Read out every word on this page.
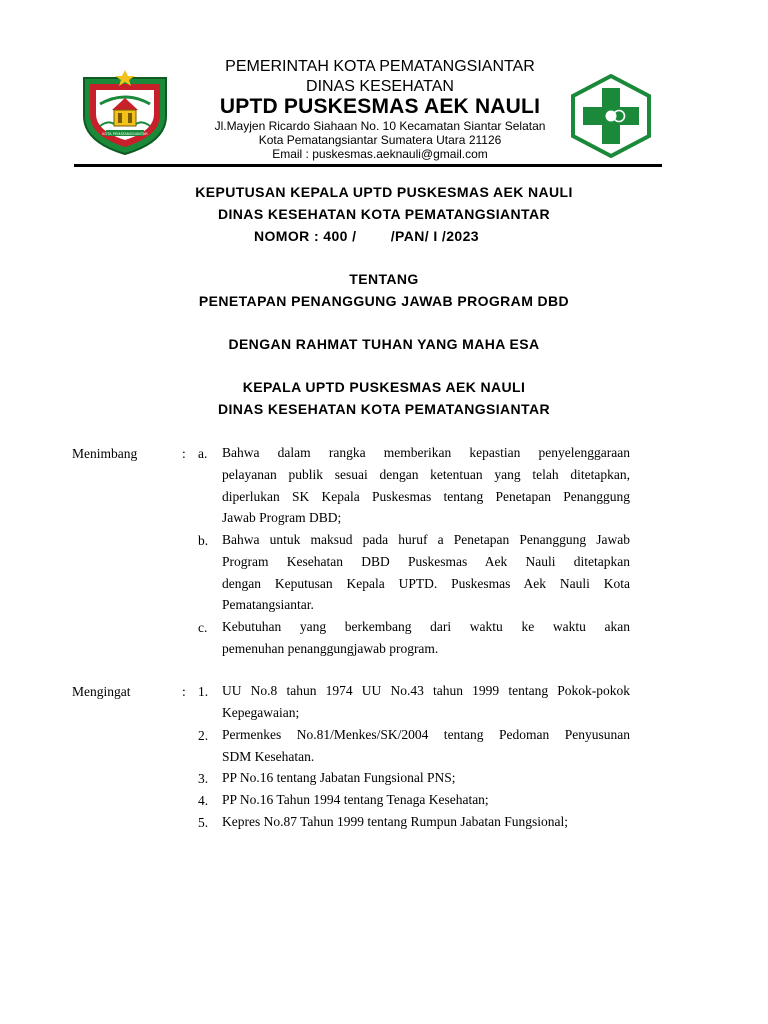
KOTA PEMATANGSIANTAR
PEMERINTAH KOTA PEMATANGSIANTAR
DINAS KESEHATAN
UPTD PUSKESMAS AEK NAULI
Jl.Mayjen Ricardo Siahaan No. 10 Kecamatan Siantar Selatan
Kota Pematangsiantar Sumatera Utara 21126
Email : puskesmas.aeknauli@gmail.com
KEPUTUSAN KEPALA UPTD PUSKESMAS AEK NAULI
DINAS KESEHATAN KOTA PEMATANGSIANTAR
NOMOR : 400 /        /PAN/ I /2023
TENTANG
PENETAPAN PENANGGUNG JAWAB PROGRAM DBD
DENGAN RAHMAT TUHAN YANG MAHA ESA
KEPALA UPTD PUSKESMAS AEK NAULI
DINAS KESEHATAN KOTA PEMATANGSIANTAR
Menimbang	: a.	Bahwa dalam rangka memberikan kepastian penyelenggaraan
pelayanan publik sesuai dengan ketentuan yang telah ditetapkan,
diperlukan SK Kepala Puskesmas tentang Penetapan Penanggung
Jawab Program DBD;
b.	Bahwa untuk maksud pada huruf a Penetapan Penanggung Jawab
Program Kesehatan DBD Puskesmas Aek Nauli ditetapkan
dengan Keputusan Kepala UPTD. Puskesmas Aek Nauli Kota
Pematangsiantar.
c.	Kebutuhan yang berkembang dari waktu ke waktu akan
pemenuhan penanggungjawab program.
Mengingat	: 1.	UU No.8 tahun 1974 UU No.43 tahun 1999 tentang Pokok-pokok
Kepegawaian;
2.	Permenkes No.81/Menkes/SK/2004 tentang Pedoman Penyusunan
SDM Kesehatan.
3.	PP No.16 tentang Jabatan Fungsional PNS;
4.	PP No.16 Tahun 1994 tentang Tenaga Kesehatan;
5.	Kepres No.87 Tahun 1999 tentang Rumpun Jabatan Fungsional;
